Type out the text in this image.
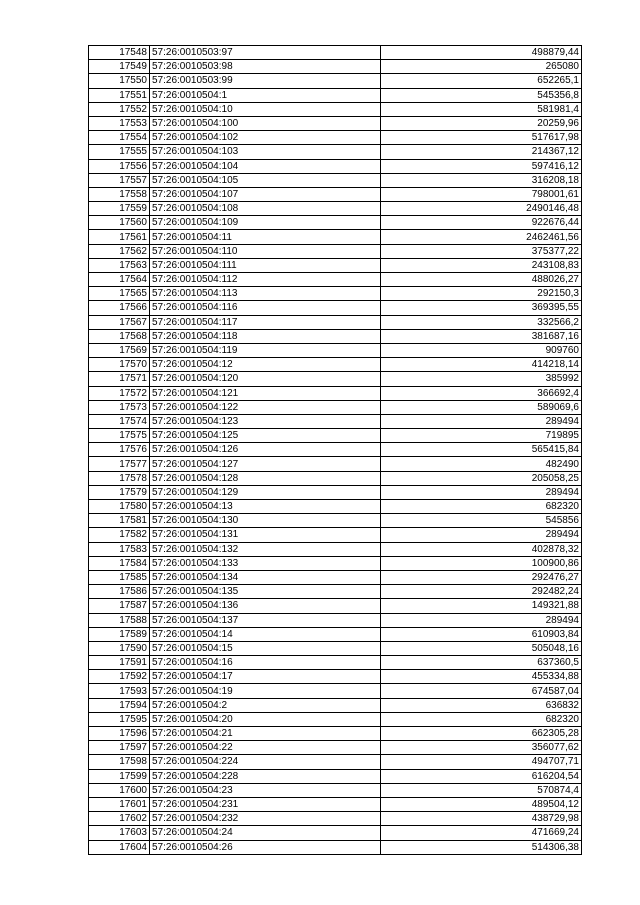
17548	57:26:0010503:97	498879,44
17549	57:26:0010503:98	265080
17550	57:26:0010503:99	652265,1
17551	57:26:0010504:1	545356,8
17552	57:26:0010504:10	581981,4
17553	57:26:0010504:100	20259,96
17554	57:26:0010504:102	517617,98
17555	57:26:0010504:103	214367,12
17556	57:26:0010504:104	597416,12
17557	57:26:0010504:105	316208,18
17558	57:26:0010504:107	798001,61
17559	57:26:0010504:108	2490146,48
17560	57:26:0010504:109	922676,44
17561	57:26:0010504:11	2462461,56
17562	57:26:0010504:110	375377,22
17563	57:26:0010504:111	243108,83
17564	57:26:0010504:112	488026,27
17565	57:26:0010504:113	292150,3
17566	57:26:0010504:116	369395,55
17567	57:26:0010504:117	332566,2
17568	57:26:0010504:118	381687,16
17569	57:26:0010504:119	909760
17570	57:26:0010504:12	414218,14
17571	57:26:0010504:120	385992
17572	57:26:0010504:121	366692,4
17573	57:26:0010504:122	589069,6
17574	57:26:0010504:123	289494
17575	57:26:0010504:125	719895
17576	57:26:0010504:126	565415,84
17577	57:26:0010504:127	482490
17578	57:26:0010504:128	205058,25
17579	57:26:0010504:129	289494
17580	57:26:0010504:13	682320
17581	57:26:0010504:130	545856
17582	57:26:0010504:131	289494
17583	57:26:0010504:132	402878,32
17584	57:26:0010504:133	100900,86
17585	57:26:0010504:134	292476,27
17586	57:26:0010504:135	292482,24
17587	57:26:0010504:136	149321,88
17588	57:26:0010504:137	289494
17589	57:26:0010504:14	610903,84
17590	57:26:0010504:15	505048,16
17591	57:26:0010504:16	637360,5
17592	57:26:0010504:17	455334,88
17593	57:26:0010504:19	674587,04
17594	57:26:0010504:2	636832
17595	57:26:0010504:20	682320
17596	57:26:0010504:21	662305,28
17597	57:26:0010504:22	356077,62
17598	57:26:0010504:224	494707,71
17599	57:26:0010504:228	616204,54
17600	57:26:0010504:23	570874,4
17601	57:26:0010504:231	489504,12
17602	57:26:0010504:232	438729,98
17603	57:26:0010504:24	471669,24
17604	57:26:0010504:26	514306,38
